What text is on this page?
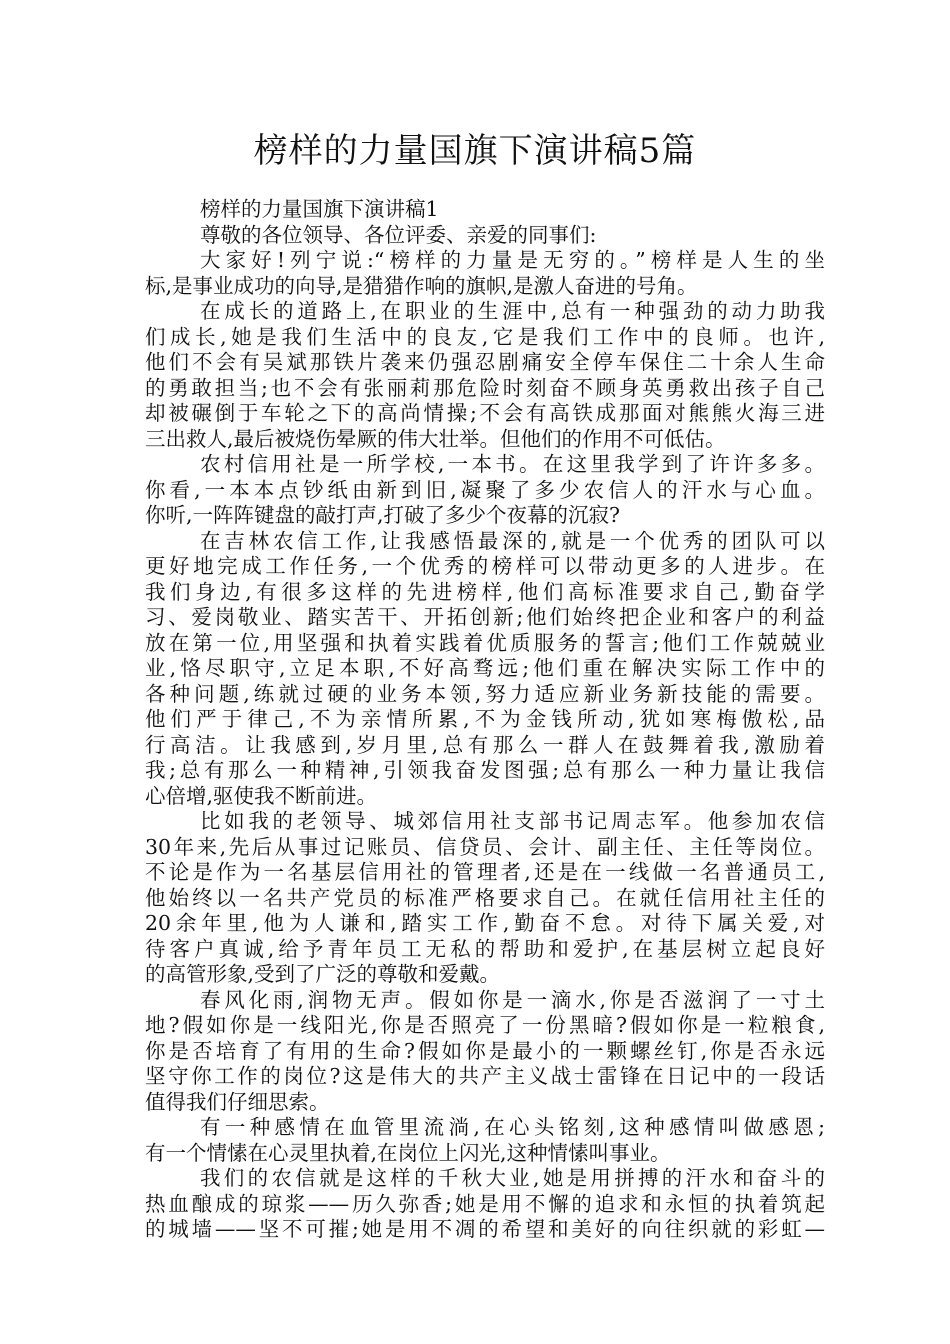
榜样的力量国旗下演讲稿5篇
榜样的力量国旗下演讲稿1
尊敬的各位领导、各位评委、亲爱的同事们:
大家好!列宁说:“榜样的力量是无穷的。”榜样是人生的坐
标,是事业成功的向导,是猎猎作响的旗帜,是激人奋进的号角。
在成长的道路上,在职业的生涯中,总有一种强劲的动力助我
们成长,她是我们生活中的良友,它是我们工作中的良师。也许,
他们不会有吴斌那铁片袭来仍强忍剧痛安全停车保住二十余人生命
的勇敢担当;也不会有张丽莉那危险时刻奋不顾身英勇救出孩子自己
却被碾倒于车轮之下的高尚情操;不会有高铁成那面对熊熊火海三进
三出救人,最后被烧伤晕厥的伟大壮举。但他们的作用不可低估。
农村信用社是一所学校,一本书。在这里我学到了许许多多。
你看,一本本点钞纸由新到旧,凝聚了多少农信人的汗水与心血。
你听,一阵阵键盘的敲打声,打破了多少个夜幕的沉寂?
在吉林农信工作,让我感悟最深的,就是一个优秀的团队可以
更好地完成工作任务,一个优秀的榜样可以带动更多的人进步。在
我们身边,有很多这样的先进榜样,他们高标准要求自己,勤奋学
习、爱岗敬业、踏实苦干、开拓创新;他们始终把企业和客户的利益
放在第一位,用坚强和执着实践着优质服务的誓言;他们工作兢兢业
业,恪尽职守,立足本职,不好高骛远;他们重在解决实际工作中的
各种问题,练就过硬的业务本领,努力适应新业务新技能的需要。
他们严于律己,不为亲情所累,不为金钱所动,犹如寒梅傲松,品
行高洁。让我感到,岁月里,总有那么一群人在鼓舞着我,激励着
我;总有那么一种精神,引领我奋发图强;总有那么一种力量让我信
心倍增,驱使我不断前进。
比如我的老领导、城郊信用社支部书记周志军。他参加农信
30年来,先后从事过记账员、信贷员、会计、副主任、主任等岗位。
不论是作为一名基层信用社的管理者,还是在一线做一名普通员工,
他始终以一名共产党员的标准严格要求自己。在就任信用社主任的
20余年里,他为人谦和,踏实工作,勤奋不怠。对待下属关爱,对
待客户真诚,给予青年员工无私的帮助和爱护,在基层树立起良好
的高管形象,受到了广泛的尊敬和爱戴。
春风化雨,润物无声。假如你是一滴水,你是否滋润了一寸土
地?假如你是一线阳光,你是否照亮了一份黑暗?假如你是一粒粮食,
你是否培育了有用的生命?假如你是最小的一颗螺丝钉,你是否永远
坚守你工作的岗位?这是伟大的共产主义战士雷锋在日记中的一段话
值得我们仔细思索。
有一种感情在血管里流淌,在心头铭刻,这种感情叫做感恩;
有一个情愫在心灵里执着,在岗位上闪光,这种情愫叫事业。
我们的农信就是这样的千秋大业,她是用拼搏的汗水和奋斗的
热血酿成的琼浆——历久弥香;她是用不懈的追求和永恒的执着筑起
的城墙——坚不可摧;她是用不凋的希望和美好的向往织就的彩虹—
